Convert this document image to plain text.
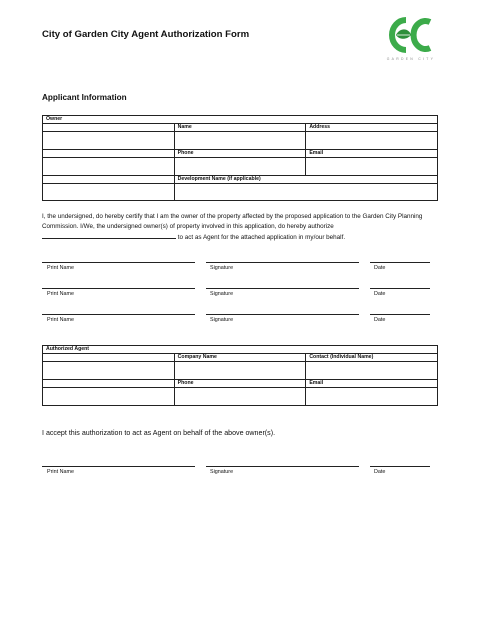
City of Garden City Agent Authorization Form
GARDEN CITY
Applicant Information
Owner		
	Name	Address

	Phone	Email

	Development Name (if applicable)	

I, the undersigned, do hereby certify that I am the owner of the property affected by the proposed application to the Garden City Planning Commission. I/We, the undersigned owner(s) of property involved in this application, do hereby authorize  to act as Agent for the attached application in my/our behalf.
Print Name	Signature	Date
Print Name	Signature	Date
Print Name	Signature	Date
Authorized Agent		
	Company Name	Contact (Individual Name)

	Phone	Email

I accept this authorization to act as Agent on behalf of the above owner(s).
Print Name	Signature	Date
